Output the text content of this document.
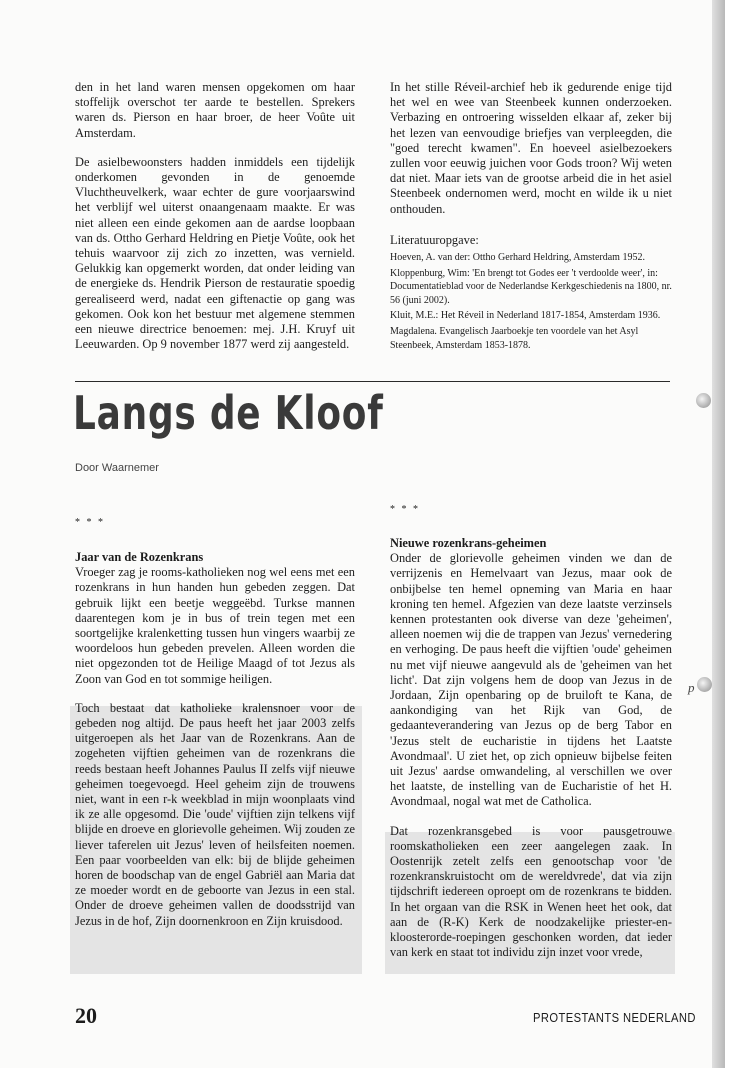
den in het land waren mensen opgekomen om haar stoffelijk overschot ter aarde te bestellen. Sprekers waren ds. Pierson en haar broer, de heer Voûte uit Amsterdam.

De asielbewoonsters hadden inmiddels een tijdelijk onderkomen gevonden in de genoemde Vluchtheuvelkerk, waar echter de gure voorjaarswind het verblijf wel uiterst onaangenaam maakte. Er was niet alleen een einde gekomen aan de aardse loopbaan van ds. Ottho Gerhard Heldring en Pietje Voûte, ook het tehuis waarvoor zij zich zo inzetten, was vernield. Gelukkig kan opgemerkt worden, dat onder leiding van de energieke ds. Hendrik Pierson de restauratie spoedig gerealiseerd werd, nadat een giftenactie op gang was gekomen. Ook kon het bestuur met algemene stemmen een nieuwe directrice benoemen: mej. J.H. Kruyf uit Leeuwarden. Op 9 november 1877 werd zij aangesteld.

In het stille Réveil-archief heb ik gedurende enige tijd het wel en wee van Steenbeek kunnen onderzoeken. Verbazing en ontroering wisselden elkaar af, zeker bij het lezen van eenvoudige briefjes van verpleegden, die "goed terecht kwamen". En hoeveel asielbezoekers zullen voor eeuwig juichen voor Gods troon? Wij weten dat niet. Maar iets van de grootse arbeid die in het asiel Steenbeek ondernomen werd, mocht en wilde ik u niet onthouden.

Literatuuropgave:
Hoeven, A. van der: Ottho Gerhard Heldring, Amsterdam 1952.
Kloppenburg, Wim: 'En brengt tot Godes eer 't verdoolde weer', in: Documentatieblad voor de Nederlandse Kerkgeschiedenis na 1800, nr. 56 (juni 2002).
Kluit, M.E.: Het Réveil in Nederland 1817-1854, Amsterdam 1936.
Magdalena. Evangelisch Jaarboekje ten voordele van het Asyl Steenbeek, Amsterdam 1853-1878.
Langs de Kloof
Door Waarnemer
* * *
* * *
Jaar van de Rozenkrans

Vroeger zag je rooms-katholieken nog wel eens met een rozenkrans in hun handen hun gebeden zeggen. Dat gebruik lijkt een beetje weggeëbd. Turkse mannen daarentegen kom je in bus of trein tegen met een soortgelijke kralenketting tussen hun vingers waarbij ze woordeloos hun gebeden prevelen. Alleen worden die niet opgezonden tot de Heilige Maagd of tot Jezus als Zoon van God en tot sommige heiligen.

Toch bestaat dat katholieke kralensnoer voor de gebeden nog altijd. De paus heeft het jaar 2003 zelfs uitgeroepen als het Jaar van de Rozenkrans. Aan de zogeheten vijftien geheimen van de rozenkrans die reeds bestaan heeft Johannes Paulus II zelfs vijf nieuwe geheimen toegevoegd. Heel geheim zijn de trouwens niet, want in een r-k weekblad in mijn woonplaats vind ik ze alle opgesomd. Die 'oude' vijftien zijn telkens vijf blijde en droeve en glorievolle geheimen. Wij zouden ze liever taferelen uit Jezus' leven of heilsfeiten noemen. Een paar voorbeelden van elk: bij de blijde geheimen horen de boodschap van de engel Gabriël aan Maria dat ze moeder wordt en de geboorte van Jezus in een stal. Onder de droeve geheimen vallen de doodsstrijd van Jezus in de hof, Zijn doornenkroon en Zijn kruisdood.

Nieuwe rozenkrans-geheimen

Onder de glorievolle geheimen vinden we dan de verrijzenis en Hemelvaart van Jezus, maar ook de onbijbelse ten hemel opneming van Maria en haar kroning ten hemel. Afgezien van deze laatste verzinsels kennen protestanten ook diverse van deze 'geheimen', alleen noemen wij die de trappen van Jezus' vernedering en verhoging. De paus heeft die vijftien 'oude' geheimen nu met vijf nieuwe aangevuld als de 'geheimen van het licht'. Dat zijn volgens hem de doop van Jezus in de Jordaan, Zijn openbaring op de bruiloft te Kana, de aankondiging van het Rijk van God, de gedaanteverandering van Jezus op de berg Tabor en 'Jezus stelt de eucharistie in tijdens het Laatste Avondmaal'. U ziet het, op zich opnieuw bijbelse feiten uit Jezus' aardse omwandeling, al verschillen we over het laatste, de instelling van de Eucharistie of het H. Avondmaal, nogal wat met de Catholica.

Dat rozenkransgebed is voor pausgetrouwe roomskatholieken een zeer aangelegen zaak. In Oostenrijk zetelt zelfs een genootschap voor 'de rozenkranskruistocht om de wereldvrede', dat via zijn tijdschrift iedereen oproept om de rozenkrans te bidden. In het orgaan van die RSK in Wenen heet het ook, dat aan de (R-K) Kerk de noodzakelijke priester-en- kloosterorde-roepingen geschonken worden, dat ieder van kerk en staat tot individu zijn inzet voor vrede,

20	PROTESTANTS NEDERLAND
p
